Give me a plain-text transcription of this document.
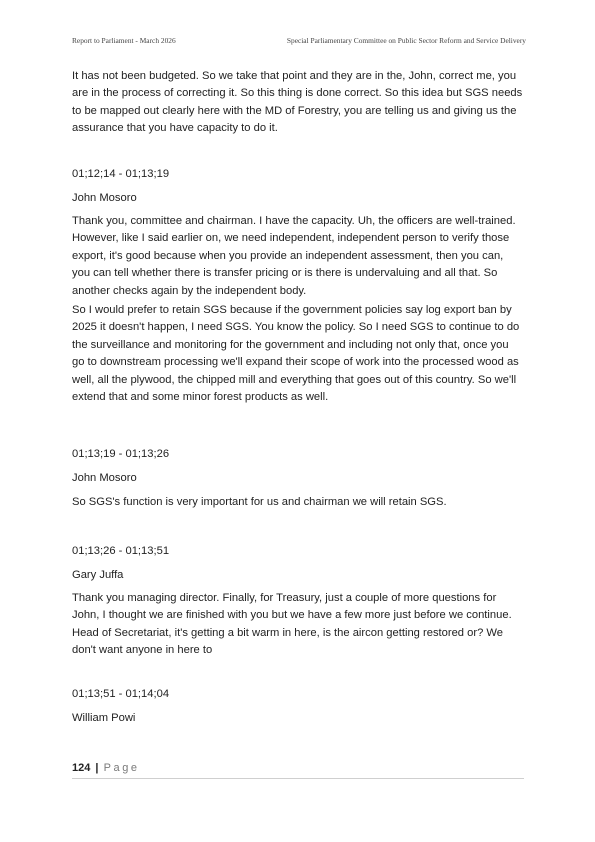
Report to Parliament - March 2026	Special Parliamentary Committee on Public Sector Reform and Service Delivery

It has not been budgeted. So we take that point and they are in the, John, correct me, you are in the process of correcting it. So this thing is done correct. So this idea but SGS needs to be mapped out clearly here with the MD of Forestry, you are telling us and giving us the assurance that you have capacity to do it.

01;12;14 - 01;13;19

John Mosoro

Thank you, committee and chairman. I have the capacity. Uh, the officers are well-trained. However, like I said earlier on, we need independent, independent person to verify those export, it's good because when you provide an independent assessment, then you can, you can tell whether there is transfer pricing or is there is undervaluing and all that. So another checks again by the independent body.

So I would prefer to retain SGS because if the government policies say log export ban by 2025 it doesn't happen, I need SGS. You know the policy. So I need SGS to continue to do the surveillance and monitoring for the government and including not only that, once you go to downstream processing we'll expand their scope of work into the processed wood as well, all the plywood, the chipped mill and everything that goes out of this country. So we'll extend that and some minor forest products as well.

01;13;19 - 01;13;26

John Mosoro

So SGS's function is very important for us and chairman we will retain SGS.

01;13;26 - 01;13;51

Gary Juffa

Thank you managing director. Finally, for Treasury, just a couple of more questions for John, I thought we are finished with you but we have a few more just before we continue. Head of Secretariat, it's getting a bit warm in here, is the aircon getting restored or? We don't want anyone in here to

01;13;51 - 01;14;04

William Powi

124 | Page
